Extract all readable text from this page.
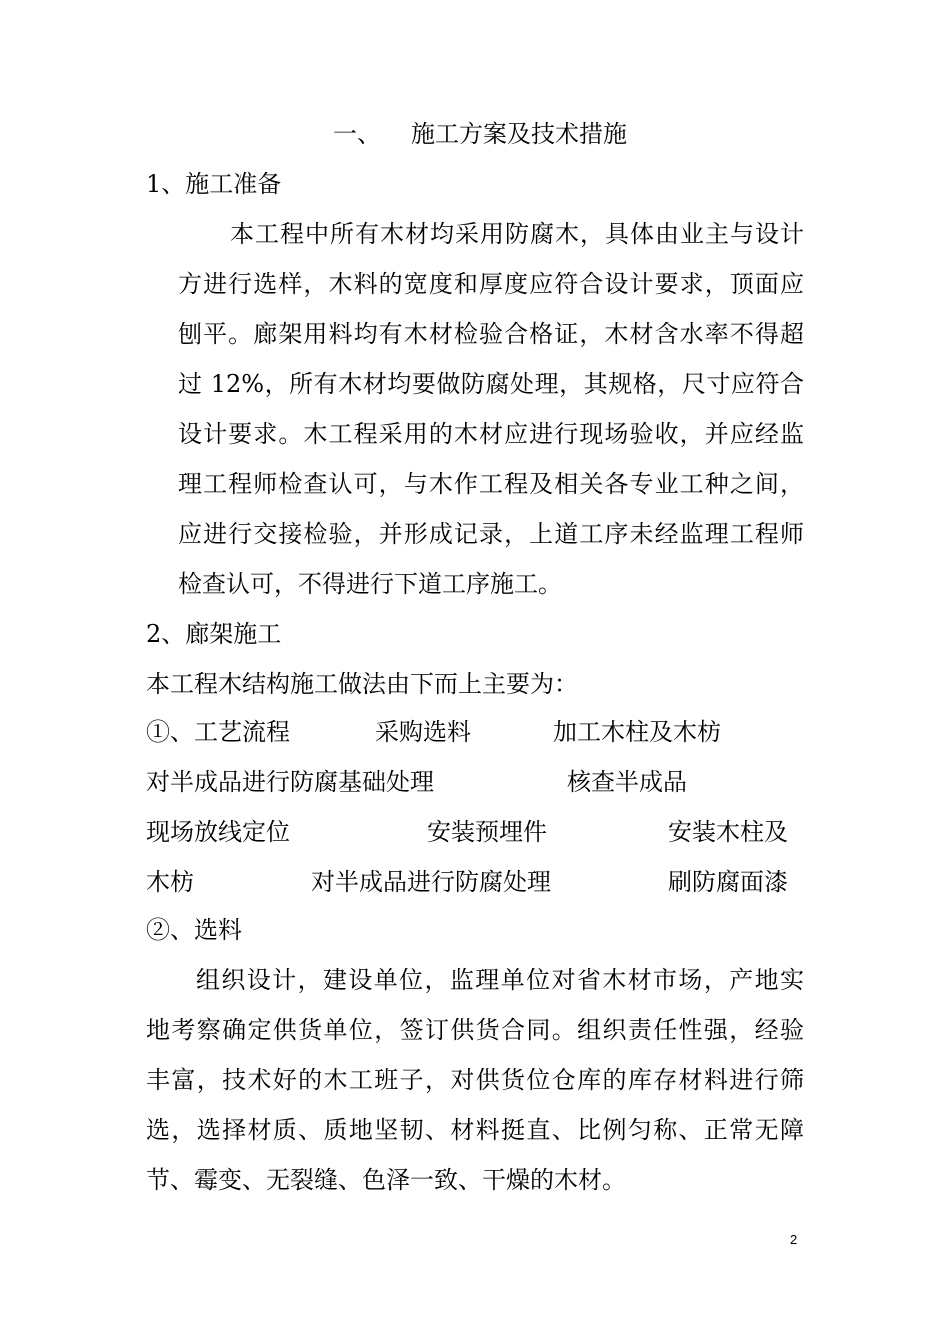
一、 施工方案及技术措施
1、施工准备
本工程中所有木材均采用防腐木，具体由业主与设计
方进行选样，木料的宽度和厚度应符合设计要求，顶面应
刨平。廊架用料均有木材检验合格证，木材含水率不得超
过 12%，所有木材均要做防腐处理，其规格，尺寸应符合
设计要求。木工程采用的木材应进行现场验收，并应经监
理工程师检查认可，与木作工程及相关各专业工种之间，
应进行交接检验，并形成记录，上道工序未经监理工程师
检查认可，不得进行下道工序施工。
2、廊架施工
本工程木结构施工做法由下而上主要为：
①、工艺流程	采购选料	加工木柱及木枋
对半成品进行防腐基础处理	核查半成品
现场放线定位	安装预埋件	安装木柱及
木枋	对半成品进行防腐处理	刷防腐面漆
②、选料
组织设计，建设单位，监理单位对省木材市场，产地实
地考察确定供货单位，签订供货合同。组织责任性强，经验
丰富，技术好的木工班子，对供货位仓库的库存材料进行筛
选，选择材质、质地坚韧、材料挺直、比例匀称、正常无障
节、霉变、无裂缝、色泽一致、干燥的木材。
2
